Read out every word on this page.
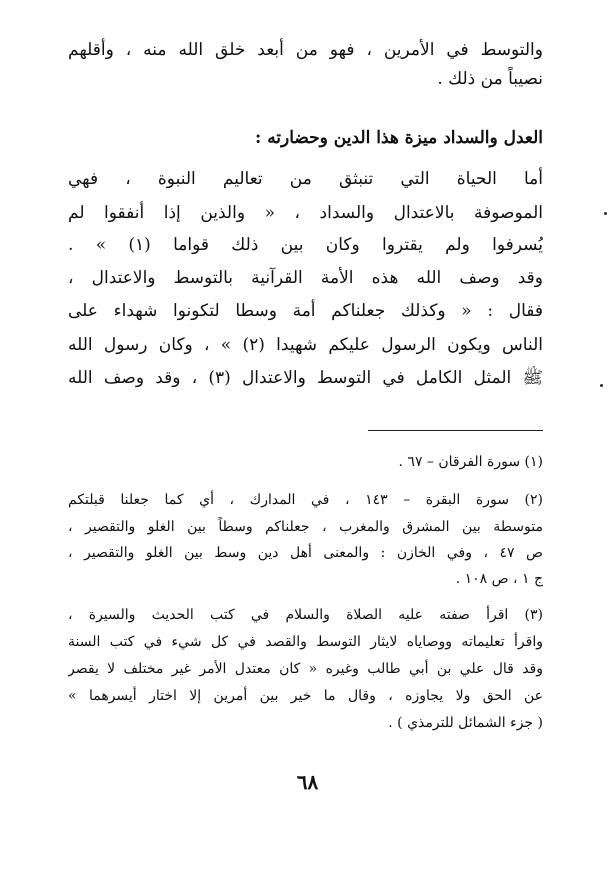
والتوسط في الأمرين ، فهو من أبعد خلق الله منه ، وأقلهم
نصيباً من ذلك .
العدل والسداد ميزة هذا الدين وحضارته :
أما الحياة التي تنبثق من تعاليم النبوة ، فهي
الموصوفة بالاعتدال والسداد ، « والذين إذا أنفقوا لم
يُسرفوا ولم يقتروا وكان بين ذلك قواما (١) » .
وقد وصف الله هذه الأمة القرآنية بالتوسط والاعتدال ،
فقال : « وكذلك جعلناكم أمة وسطا لتكونوا شهداء على
الناس ويكون الرسول عليكم شهيدا (٢) » ، وكان رسول الله
ﷺ المثل الكامل في التوسط والاعتدال (٣) ، وقد وصف الله
(١) سورة الفرقان – ٦٧ .
(٢) سورة البقرة – ١٤٣ ، في المدارك ، أي كما جعلنا قبلتكم
متوسطة بين المشرق والمغرب ، جعلناكم وسطاً بين الغلو والتقصير ،
ص ٤٧ ، وفي الخازن : والمعنى أهل دين وسط بين الغلو والتقصير ،
ج ١ ، ص ١٠٨ .
(٣) اقرأ صفته عليه الصلاة والسلام في كتب الحديث والسيرة ،
واقرأ تعليماته ووصاياه لايثار التوسط والقصد في كل شيء في كتب السنة
وقد قال علي بن أبي طالب وغيره « كان معتدل الأمر غير مختلف لا يقصر
عن الحق ولا يجاوزه ، وقال ما خير بين أمرين إلا اختار أيسرهما »
( جزء الشمائل للترمذي ) .
٦٨
